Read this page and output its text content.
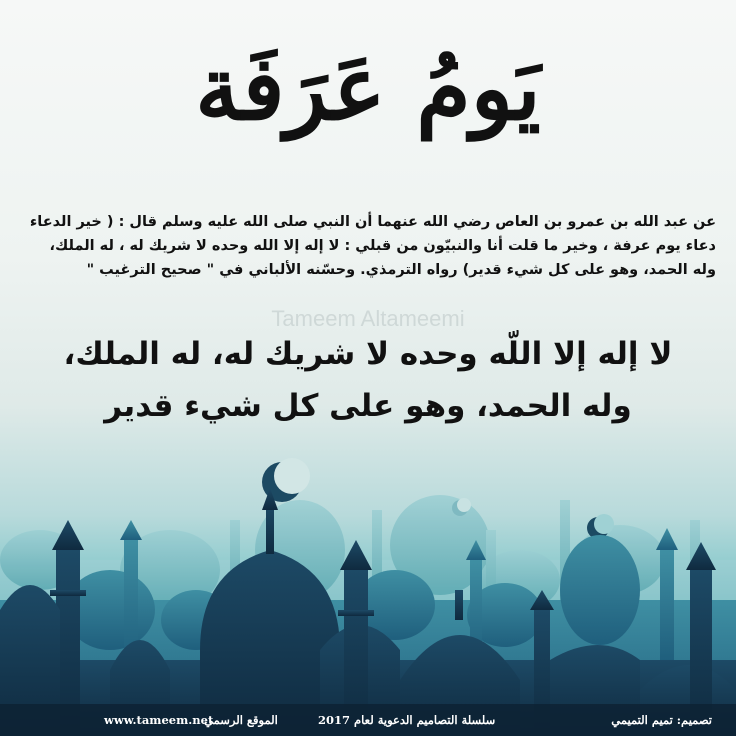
يَومُ عَرَفَة
عن عبد الله بن عمرو بن العاص رضي الله عنهما أن النبي صلى الله عليه وسلم قال : ( خير الدعاء
دعاء يوم عرفة ، وخير ما قلت أنا والنبيّون من قبلي : لا إله إلا الله وحده لا شريك له ، له الملك،
وله الحمد، وهو على كل شيء قدير) رواه الترمذي. وحسّنه الألباني في " صحيح الترغيب "
Tameem Altameemi
لا إله إلا اللّه وحده لا شريك له، له الملك،
وله الحمد، وهو على كل شيء قدير
تصميم: تميم التميمي
سلسلة التصاميم الدعوية لعام 2017
الموقع الرسمي
www.tameem.net
